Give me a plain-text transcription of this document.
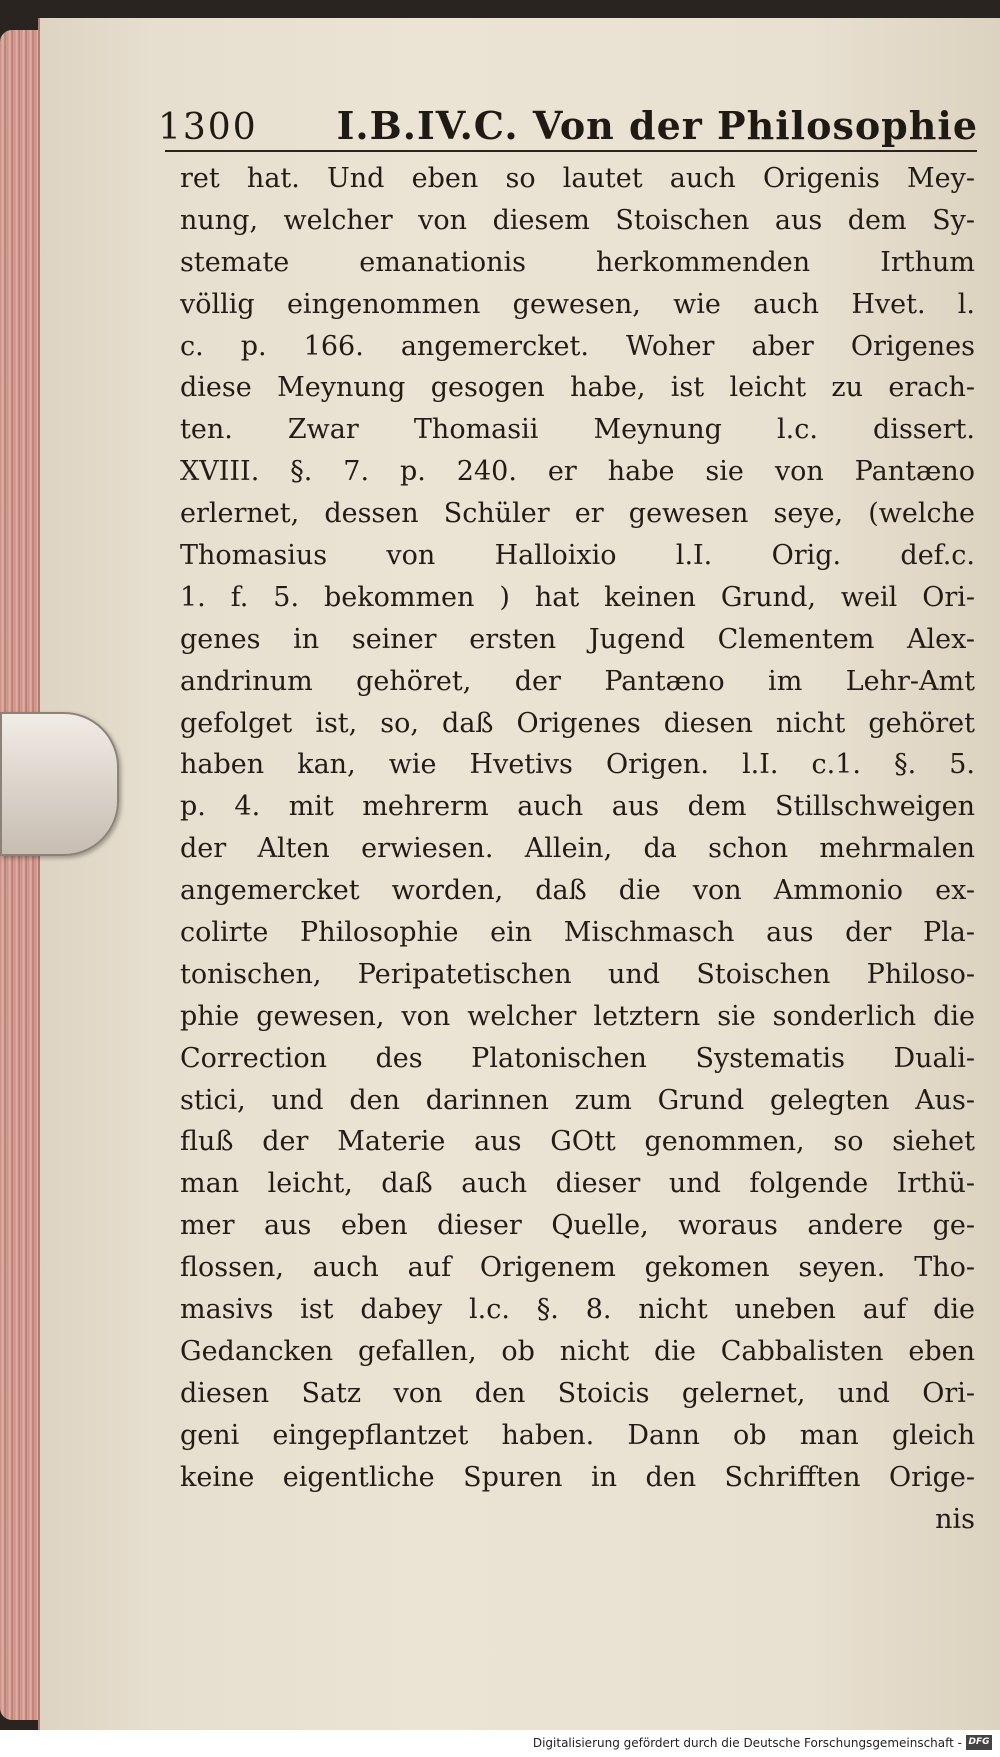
1300 I.B.IV.C. Von der Philosophie
ret hat. Und eben so lautet auch Origenis Mey-
nung, welcher von diesem Stoischen aus dem Sy-
stemate emanationis herkommenden Irthum
völlig eingenommen gewesen, wie auch Hvet. l.
c. p. 166. angemercket. Woher aber Origenes
diese Meynung gesogen habe, ist leicht zu erach-
ten. Zwar Thomasii Meynung l.c. dissert.
XVIII. §. 7. p. 240. er habe sie von Pantæno
erlernet, dessen Schüler er gewesen seye, (welche
Thomasius von Halloixio l.I. Orig. def.c.
1. f. 5. bekommen ) hat keinen Grund, weil Ori-
genes in seiner ersten Jugend Clementem Alex-
andrinum gehöret, der Pantæno im Lehr-Amt
gefolget ist, so, daß Origenes diesen nicht gehöret
haben kan, wie Hvetivs Origen. l.I. c.1. §. 5.
p. 4. mit mehrerm auch aus dem Stillschweigen
der Alten erwiesen. Allein, da schon mehrmalen
angemercket worden, daß die von Ammonio ex-
colirte Philosophie ein Mischmasch aus der Pla-
tonischen, Peripatetischen und Stoischen Philoso-
phie gewesen, von welcher letztern sie sonderlich die
Correction des Platonischen Systematis Duali-
stici, und den darinnen zum Grund gelegten Aus-
fluß der Materie aus GOtt genommen, so siehet
man leicht, daß auch dieser und folgende Irthü-
mer aus eben dieser Quelle, woraus andere ge-
flossen, auch auf Origenem gekomen seyen. Tho-
masivs ist dabey l.c. §. 8. nicht uneben auf die
Gedancken gefallen, ob nicht die Cabbalisten eben
diesen Satz von den Stoicis gelernet, und Ori-
geni eingepflantzet haben. Dann ob man gleich
keine eigentliche Spuren in den Schrifften Orige-
nis
Digitalisierung gefördert durch die Deutsche Forschungsgemeinschaft - DFG
